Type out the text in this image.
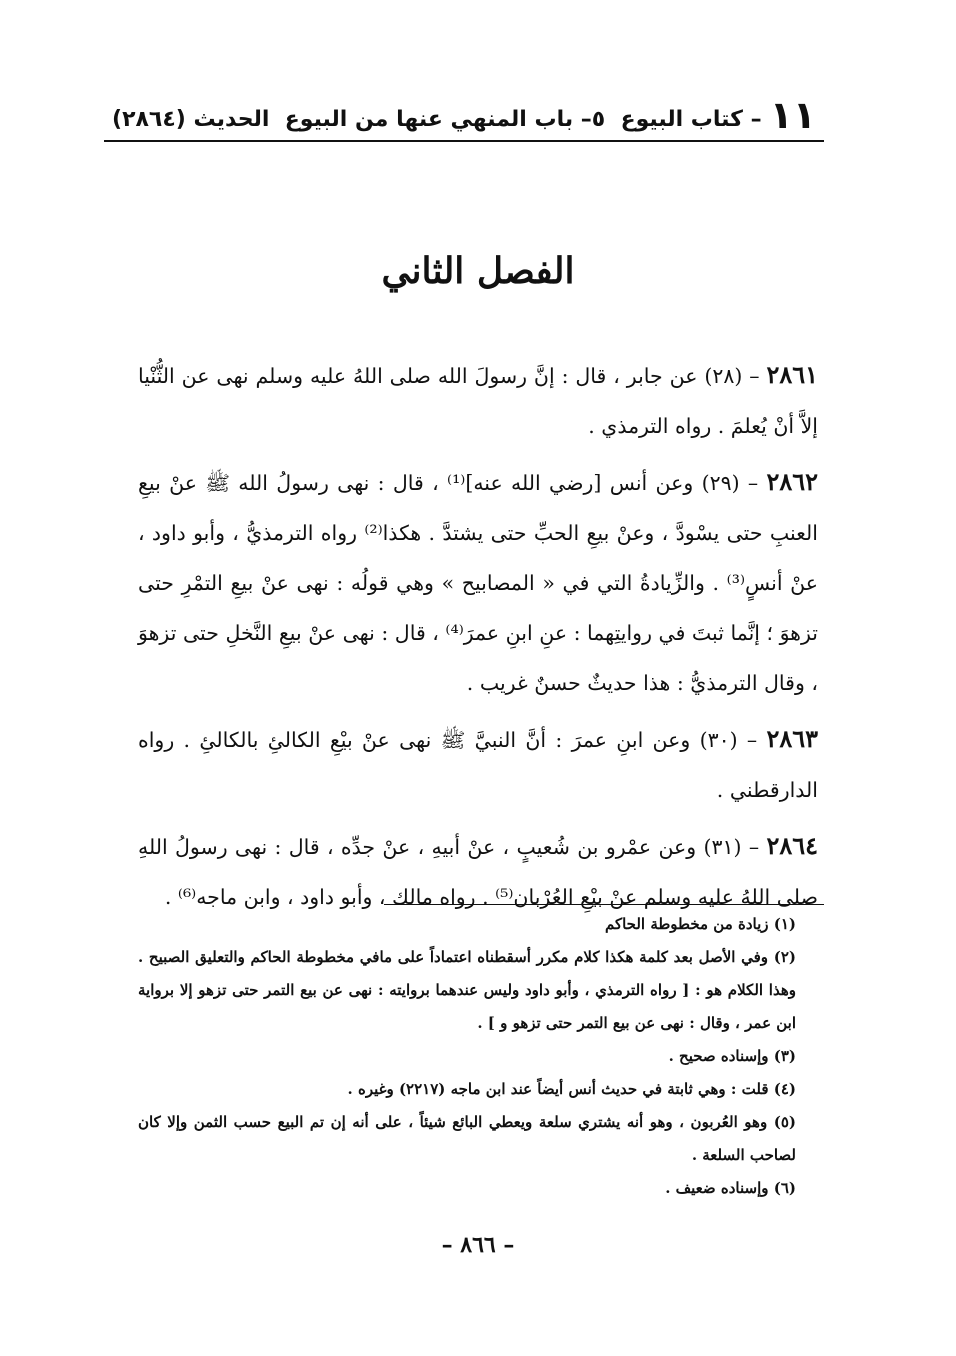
١١
– كتاب البيوع
٥– باب المنهي عنها من البيوع
الحديث (٢٨٦٤)
الفصل الثاني

٢٨٦١ – (٢٨) عن جابر ، قال : إنَّ رسولَ الله صلى اللهُ عليه وسلم نهى عن الثُّنْيا إلاَّ أنْ يُعلمَ . رواه الترمذي .

٢٨٦٢ – (٢٩) وعن أنس [رضي الله عنه]⁽¹⁾ ، قال : نهى رسولُ الله ﷺ عنْ بيعِ العنبِ حتى يسْودَّ ، وعنْ بيعِ الحبِّ حتى يشتدَّ . هكذا⁽²⁾ رواه الترمذيُّ ، وأبو داود ، عنْ أنسٍ⁽³⁾ . والزِّيادةُ التي في « المصابيح » وهي قولُه : نهى عنْ بيعِ التمْرِ حتى تزهوَ ؛ إنَّما ثبتَ في روايتِهما : عنِ ابنِ عمرَ⁽⁴⁾ ، قال : نهى عنْ بيعِ النَّخلِ حتى تزهوَ ، وقال الترمذيُّ : هذا حديثٌ حسنٌ غريب .

٢٨٦٣ – (٣٠) وعن ابنِ عمرَ : أنَّ النبيَّ ﷺ نهى عنْ بيْعِ الكالئِ بالكالئِ . رواه الدارقطني .

٢٨٦٤ – (٣١) وعن عمْرو بن شُعيبٍ ، عنْ أبيهِ ، عنْ جدِّه ، قال : نهى رسولُ اللهِ صلى اللهُ عليه وسلم عنْ بيْعِ العُرْبان⁽⁵⁾ . رواه مالك ، وأبو داود ، وابن ماجه⁽⁶⁾ .

(١) زيادة من مخطوطة الحاكم

(٢) وفي الأصل بعد كلمة هكذا كلام مكرر أسقطناه اعتماداً على مافي مخطوطة الحاكم والتعليق الصبيح . وهذا الكلام هو : [ رواه الترمذي ، وأبو داود وليس عندهما بروايته : نهى عن بيع التمر حتى تزهو إلا برواية ابن عمر ، وقال : نهى عن بيع التمر حتى تزهو و ] .

(٣) وإسناده صحيح .

(٤) قلت : وهي ثابتة في حديث أنس أيضاً عند ابن ماجه (٢٢١٧) وغيره .

(٥) وهو العُربون ، وهو أنه يشتري سلعة ويعطي البائع شيئاً ، على أنه إن تم البيع حسب الثمن وإلا كان لصاحب السلعة .

(٦) وإسناده ضعيف .

– ٨٦٦ –
